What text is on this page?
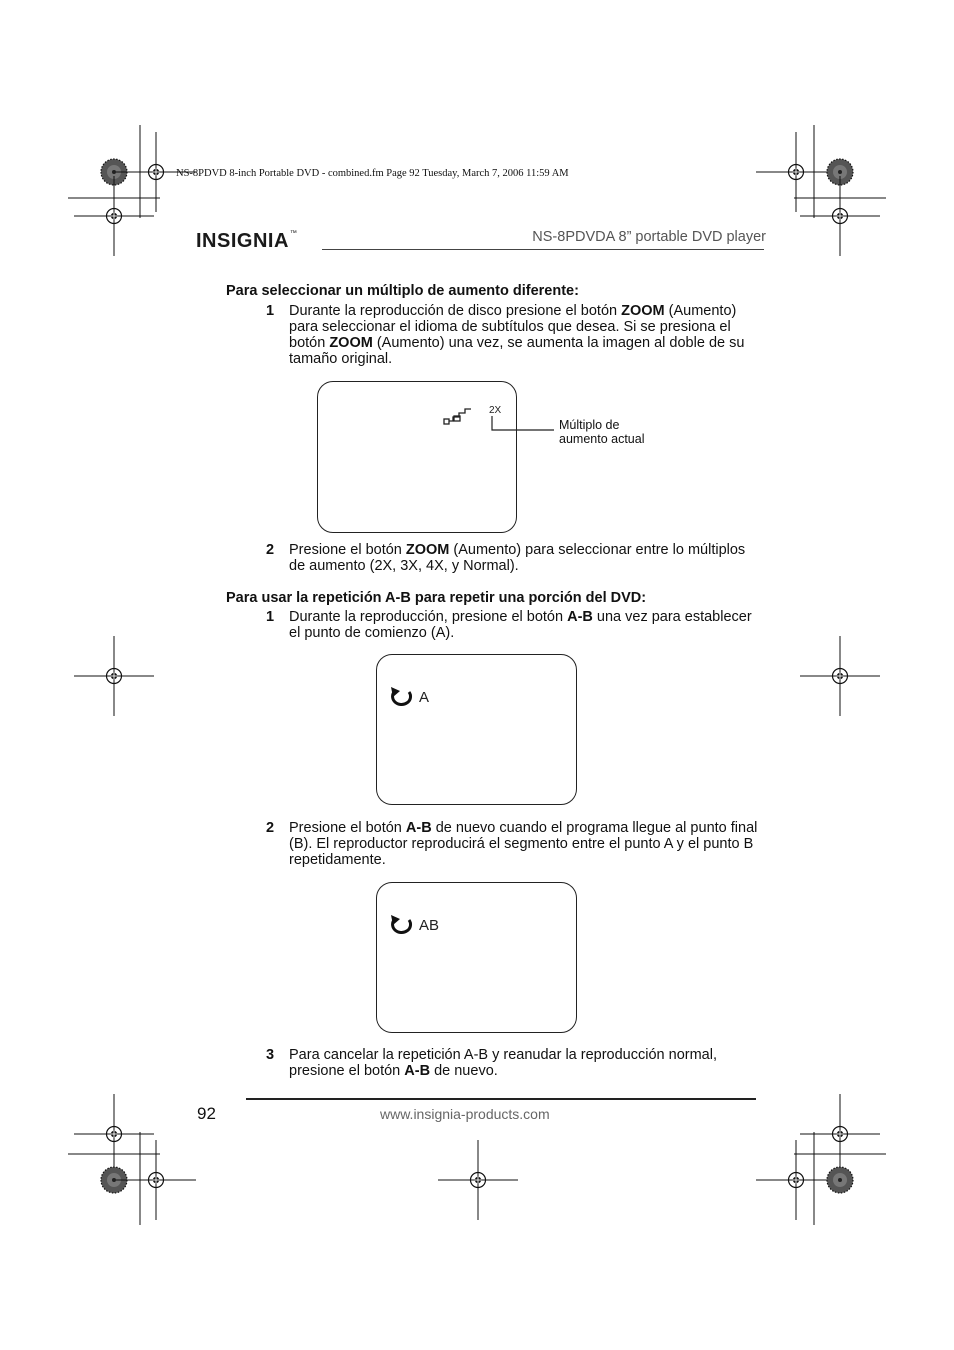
NS-8PDVD 8-inch Portable DVD - combined.fm Page 92 Tuesday, March 7, 2006 11:59 AM
INSIGNIA™	NS-8PDVDA 8” portable DVD player
Para seleccionar un múltiplo de aumento diferente:
1 Durante la reproducción de disco presione el botón ZOOM (Aumento) para seleccionar el idioma de subtítulos que desea. Si se presiona el botón ZOOM (Aumento) una vez, se aumenta la imagen al doble de su tamaño original.
2X
Múltiplo de
aumento actual
2 Presione el botón ZOOM (Aumento) para seleccionar entre lo múltiplos de aumento (2X, 3X, 4X, y Normal).
Para usar la repetición A-B para repetir una porción del DVD:
1 Durante la reproducción, presione el botón A-B una vez para establecer el punto de comienzo (A).
A
2 Presione el botón A-B de nuevo cuando el programa llegue al punto final (B). El reproductor reproducirá el segmento entre el punto A y el punto B repetidamente.
AB
3 Para cancelar la repetición A-B y reanudar la reproducción normal, presione el botón A-B de nuevo.
92	www.insignia-products.com
